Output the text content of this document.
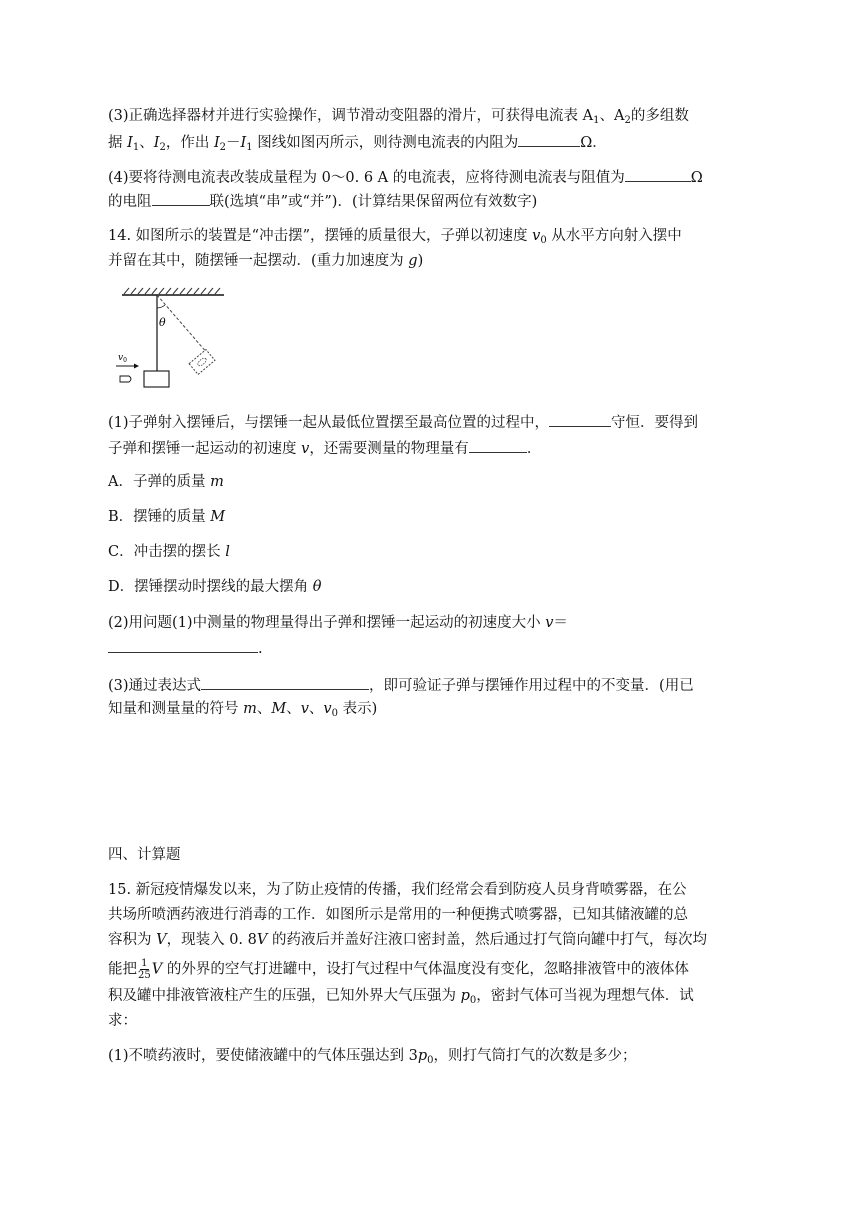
(3)正确选择器材并进行实验操作，调节滑动变阻器的滑片，可获得电流表 $A_1$、$A_2$的多组数
据 $I_1$、$I_2$，作出 $I_2-I_1$ 图线如图丙所示，则待测电流表的内阻为	Ω．
(4)要将待测电流表改装成量程为 0～0. 6 A 的电流表，应将待测电流表与阻值为	Ω
的电阻	联(选填“串”或“并”)．(计算结果保留两位有效数字)
14. 如图所示的装置是“冲击摆”，摆锤的质量很大，子弹以初速度 $v_0$ 从水平方向射入摆中
并留在其中，随摆锤一起摆动．(重力加速度为 g)
θ
$v_0$
(1)子弹射入摆锤后，与摆锤一起从最低位置摆至最高位置的过程中，	守恒．要得到
子弹和摆锤一起运动的初速度 v，还需要测量的物理量有	．
A．子弹的质量 m
B．摆锤的质量 M
C．冲击摆的摆长 l
D．摆锤摆动时摆线的最大摆角 θ
(2)用问题(1)中测量的物理量得出子弹和摆锤一起运动的初速度大小 v＝
.
(3)通过表达式	，即可验证子弹与摆锤作用过程中的不变量．(用已
知量和测量量的符号 m、M、v、$v_0$ 表示)
四、计算题
15. 新冠疫情爆发以来，为了防止疫情的传播，我们经常会看到防疫人员身背喷雾器，在公
共场所喷洒药液进行消毒的工作．如图所示是常用的一种便携式喷雾器，已知其储液罐的总
容积为 V，现装入 0. 8V 的药液后并盖好注液口密封盖，然后通过打气筒向罐中打气，每次均
能把 $\frac{1}{25}$ V 的外界的空气打进罐中，设打气过程中气体温度没有变化，忽略排液管中的液体体
积及罐中排液管液柱产生的压强，已知外界大气压强为 $p_0$，密封气体可当视为理想气体．试
求：
(1)不喷药液时，要使储液罐中的气体压强达到 $3p_0$，则打气筒打气的次数是多少；
